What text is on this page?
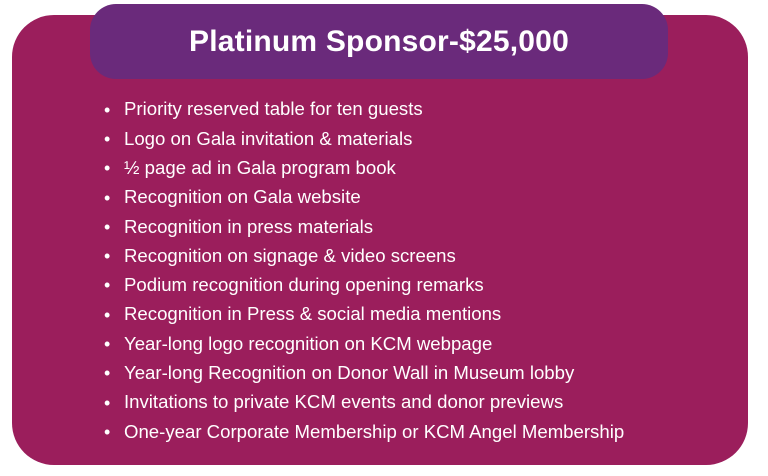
Platinum Sponsor-$25,000
• Priority reserved table for ten guests
• Logo on Gala invitation & materials
• ½ page ad in Gala program book
• Recognition on Gala website
• Recognition in press materials
• Recognition on signage & video screens
• Podium recognition during opening remarks
• Recognition in Press & social media mentions
• Year-long logo recognition on KCM webpage
• Year-long Recognition on Donor Wall in Museum lobby
• Invitations to private KCM events and donor previews
• One-year Corporate Membership or KCM Angel Membership
